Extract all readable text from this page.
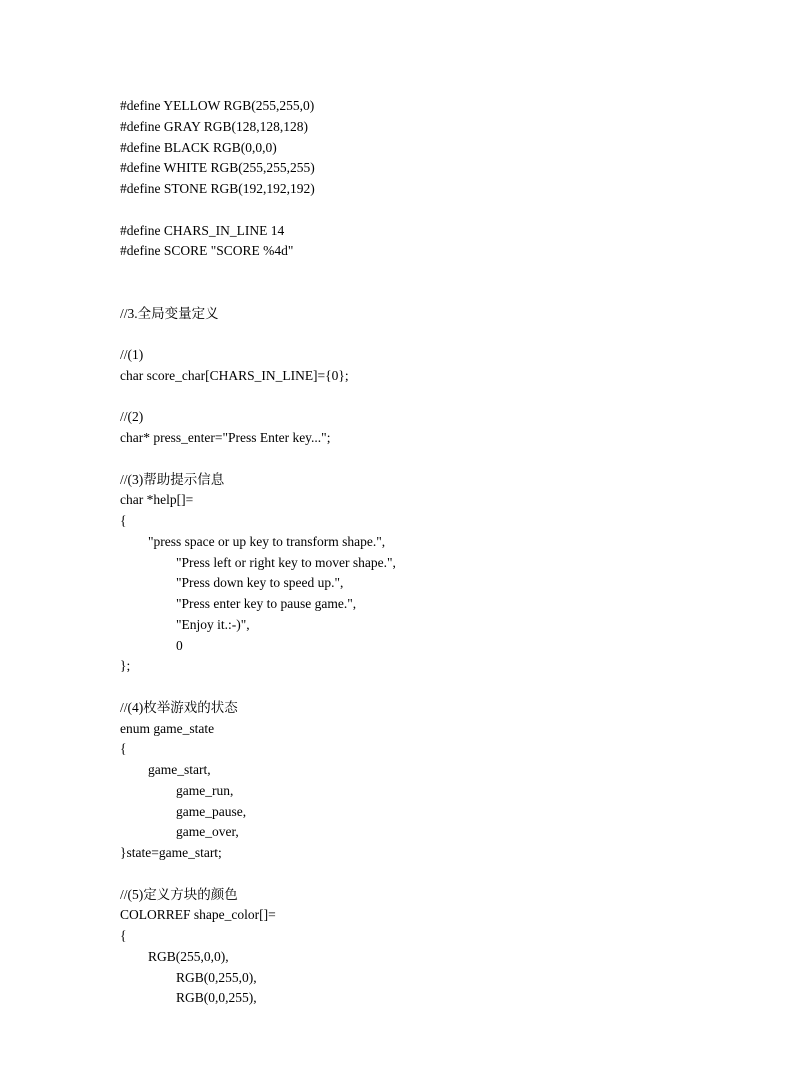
#define YELLOW RGB(255,255,0)
#define GRAY RGB(128,128,128)
#define BLACK RGB(0,0,0)
#define WHITE RGB(255,255,255)
#define STONE RGB(192,192,192)
#define CHARS_IN_LINE 14
#define SCORE "SCORE %4d"
//3.全局变量定义
//(1)
char score_char[CHARS_IN_LINE]={0};
//(2)
char* press_enter="Press Enter key...";
//(3)帮助提示信息
char *help[]=
{
"press space or up key to transform shape.",
"Press left or right key to mover shape.",
"Press down key to speed up.",
"Press enter key to pause game.",
"Enjoy it.:-)",
0
};
//(4)枚举游戏的状态
enum game_state
{
game_start,
game_run,
game_pause,
game_over,
}state=game_start;
//(5)定义方块的颜色
COLORREF shape_color[]=
{
RGB(255,0,0),
RGB(0,255,0),
RGB(0,0,255),
